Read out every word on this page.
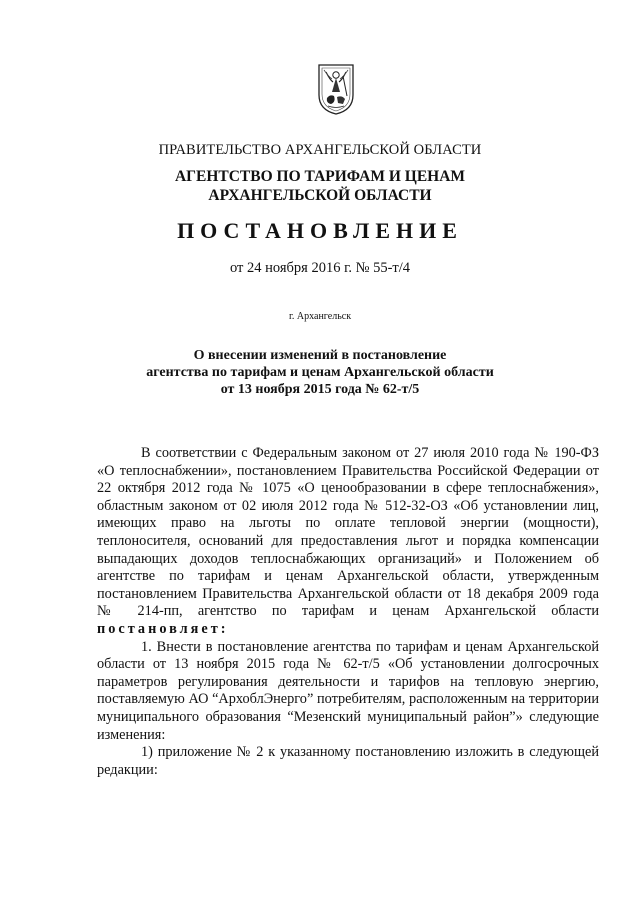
ПРАВИТЕЛЬСТВО АРХАНГЕЛЬСКОЙ ОБЛАСТИ
АГЕНТСТВО ПО ТАРИФАМ И ЦЕНАМ
АРХАНГЕЛЬСКОЙ ОБЛАСТИ
ПОСТАНОВЛЕНИЕ
от 24 ноября 2016 г. № 55-т/4
г. Архангельск
О внесении изменений в постановление
агентства по тарифам и ценам Архангельской области
от 13 ноября 2015 года № 62-т/5

В соответствии с Федеральным законом от 27 июля 2010 года № 190-ФЗ «О теплоснабжении», постановлением Правительства Российской Федерации от 22 октября 2012 года № 1075 «О ценообразовании в сфере теплоснабжения», областным законом от 02 июля 2012 года № 512-32-ОЗ «Об установлении лиц, имеющих право на льготы по оплате тепловой энергии (мощности), теплоносителя, оснований для предоставления льгот и порядка компенсации выпадающих доходов теплоснабжающих организаций» и Положением об агентстве по тарифам и ценам Архангельской области, утвержденным постановлением Правительства Архангельской области от 18 декабря 2009 года № 214-пп, агентство по тарифам и ценам Архангельской области постановляет:

1. Внести в постановление агентства по тарифам и ценам Архангельской области от 13 ноября 2015 года № 62-т/5 «Об установлении долгосрочных параметров регулирования деятельности и тарифов на тепловую энергию, поставляемую АО “АрхоблЭнерго” потребителям, расположенным на территории муниципального образования “Мезенский муниципальный район”» следующие изменения:

1) приложение № 2 к указанному постановлению изложить в следующей редакции:
